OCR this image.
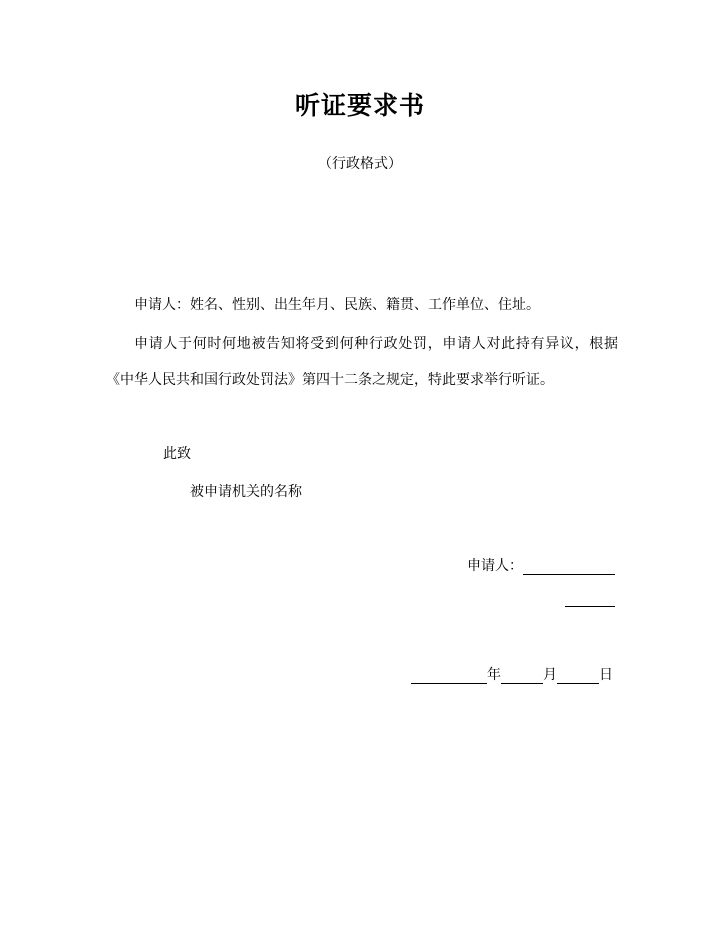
听证要求书
（行政格式）
申请人：姓名、性别、出生年月、民族、籍贯、工作单位、住址。
申请人于何时何地被告知将受到何种行政处罚，申请人对此持有异议，根据《中华人民共和国行政处罚法》第四十二条之规定，特此要求举行听证。
此致
被申请机关的名称
申请人：
年	月	日
